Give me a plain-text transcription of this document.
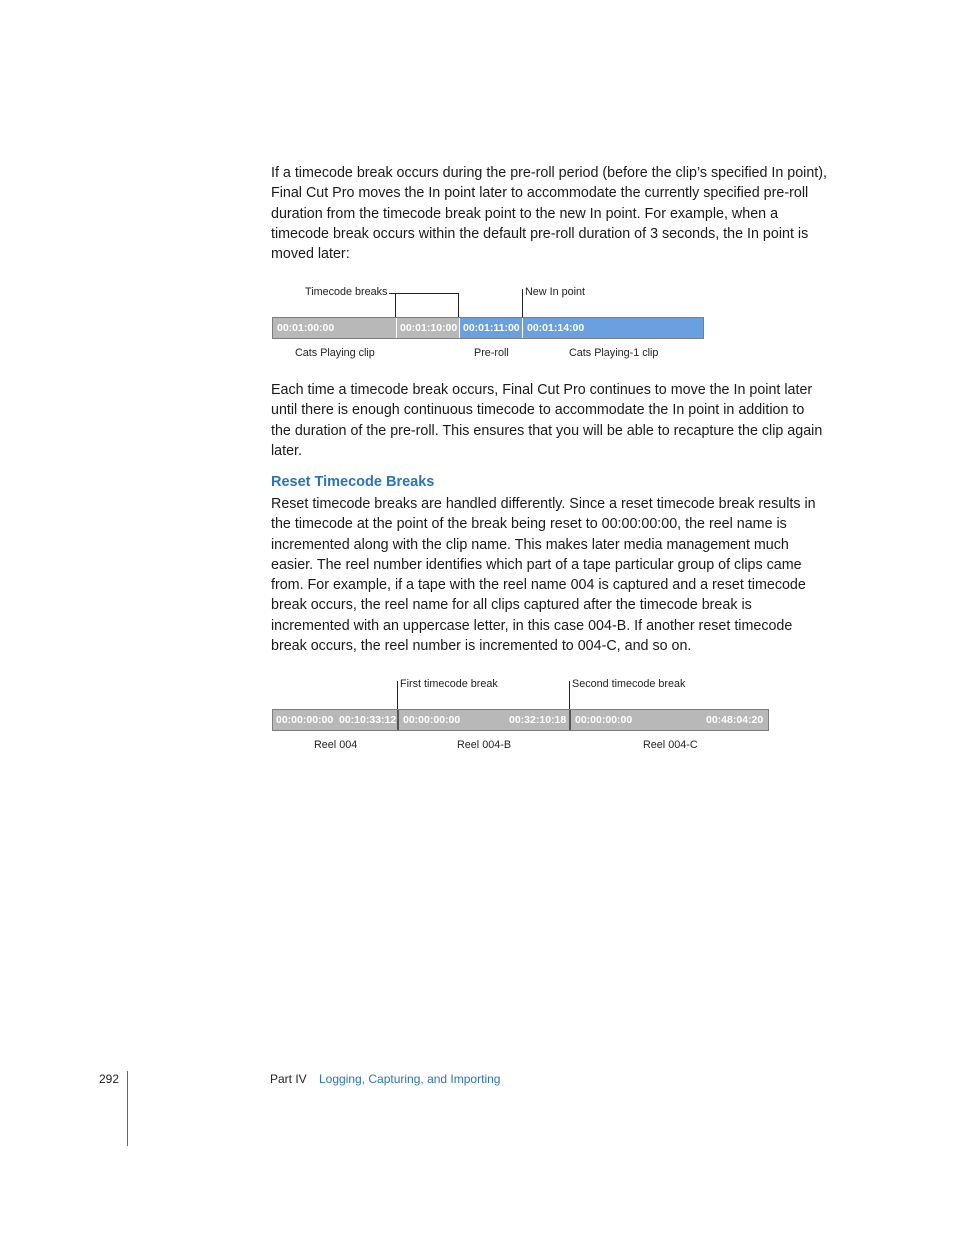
If a timecode break occurs during the pre-roll period (before the clip’s specified In point), Final Cut Pro moves the In point later to accommodate the currently specified pre-roll duration from the timecode break point to the new In point. For example, when a timecode break occurs within the default pre-roll duration of 3 seconds, the In point is moved later:

Timecode breaks	New In point
00:01:00:00	00:01:10:00 00:01:11:00 00:01:14:00
Cats Playing clip	Pre-roll	Cats Playing-1 clip

Each time a timecode break occurs, Final Cut Pro continues to move the In point later until there is enough continuous timecode to accommodate the In point in addition to the duration of the pre-roll. This ensures that you will be able to recapture the clip again later.

Reset Timecode Breaks

Reset timecode breaks are handled differently. Since a reset timecode break results in the timecode at the point of the break being reset to 00:00:00:00, the reel name is incremented along with the clip name. This makes later media management much easier. The reel number identifies which part of a tape particular group of clips came from. For example, if a tape with the reel name 004 is captured and a reset timecode break occurs, the reel name for all clips captured after the timecode break is incremented with an uppercase letter, in this case 004-B. If another reset timecode break occurs, the reel number is incremented to 004-C, and so on.

First timecode break	Second timecode break
00:00:00:00 00:10:33:12 00:00:00:00	00:32:10:18 00:00:00:00	00:48:04:20
Reel 004	Reel 004-B	Reel 004-C
292	Part IV Logging, Capturing, and Importing
